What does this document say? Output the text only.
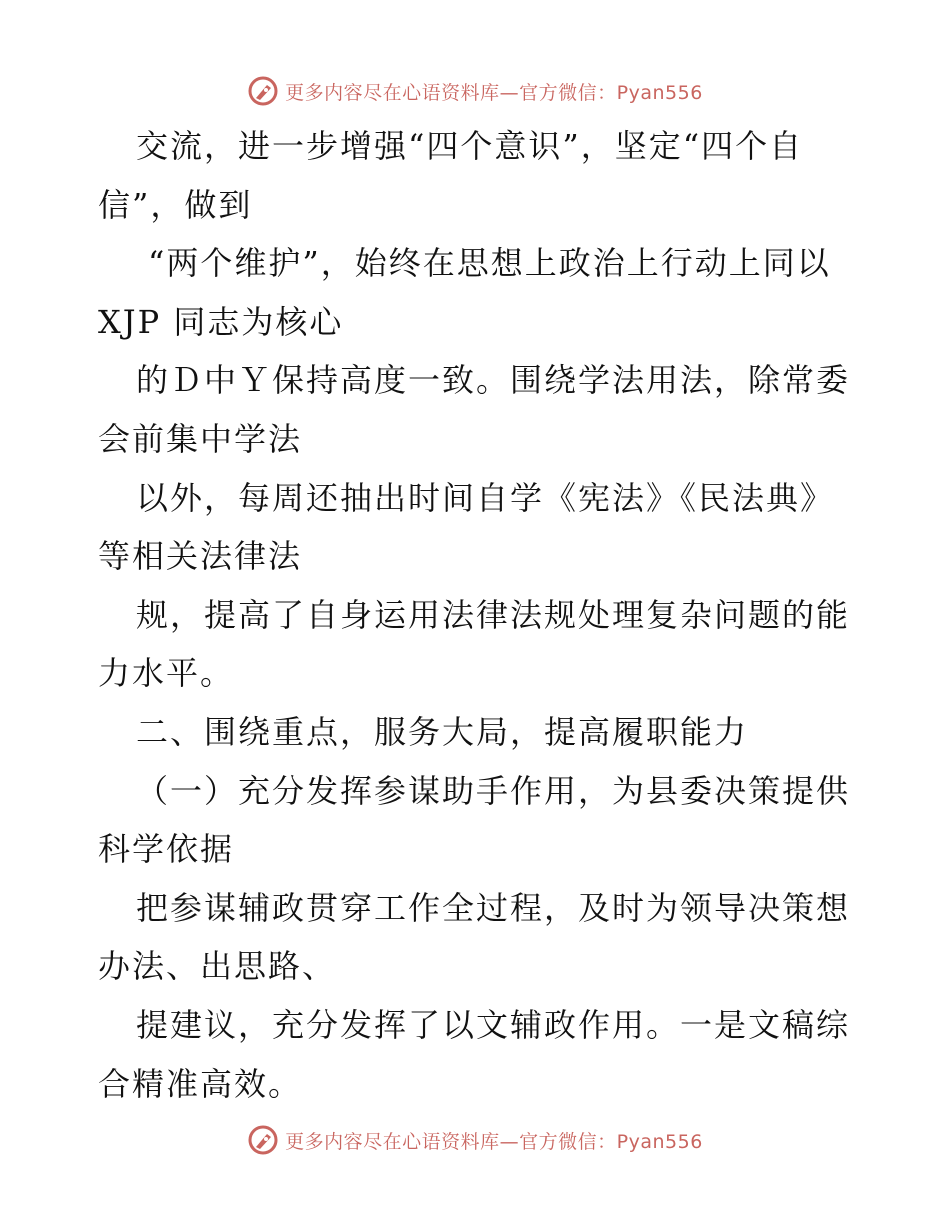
更多内容尽在心语资料库—官方微信：Pyan556
交流，进一步增强“四个意识”，坚定“四个自
信”，做到
“两个维护”，始终在思想上政治上行动上同以
XJP 同志为核心
的Ｄ中Ｙ保持高度一致。围绕学法用法，除常委
会前集中学法
以外，每周还抽出时间自学《宪法》《民法典》
等相关法律法
规，提高了自身运用法律法规处理复杂问题的能
力水平。
二、围绕重点，服务大局，提高履职能力
（一）充分发挥参谋助手作用，为县委决策提供
科学依据
把参谋辅政贯穿工作全过程，及时为领导决策想
办法、出思路、
提建议，充分发挥了以文辅政作用。一是文稿综
合精准高效。
更多内容尽在心语资料库—官方微信：Pyan556
